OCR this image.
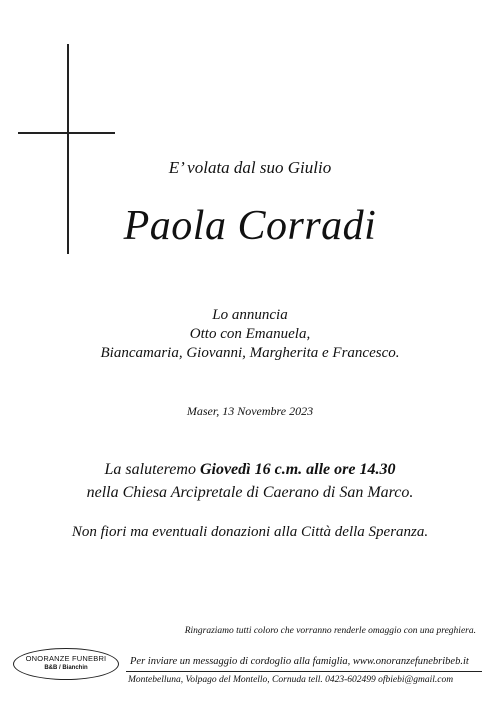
E’ volata dal suo Giulio
Paola Corradi
Lo annuncia
Otto con Emanuela,
Biancamaria, Giovanni, Margherita e Francesco.
Maser, 13 Novembre 2023
La saluteremo Giovedì 16 c.m. alle ore 14.30
nella Chiesa Arcipretale di Caerano di San Marco.
Non fiori ma eventuali donazioni alla Città della Speranza.
Ringraziamo tutti coloro che vorranno renderle omaggio con una preghiera.
ONORANZE FUNEBRI
B&B / Bianchin
Per inviare un messaggio di cordoglio alla famiglia, www.onoranzefunebribeb.it
Montebelluna, Volpago del Montello, Cornuda tell. 0423-602499 ofbiebi@gmail.com
